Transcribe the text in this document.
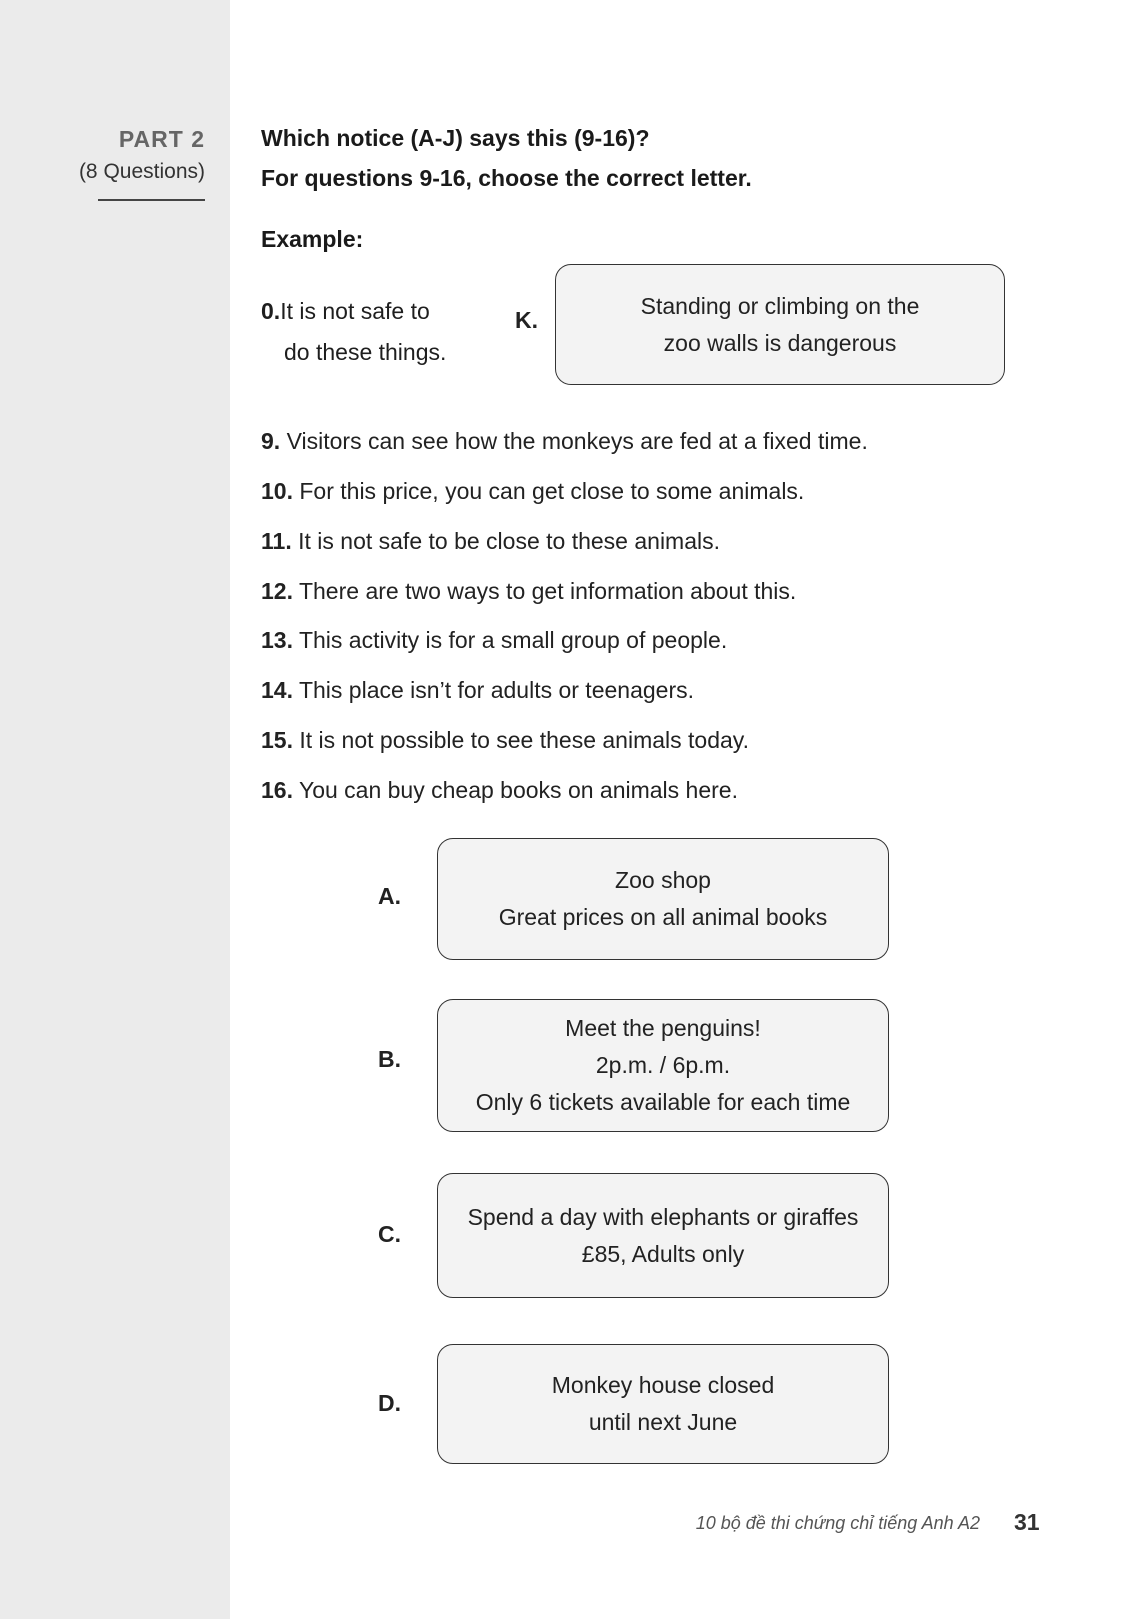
PART 2
(8 Questions)
Which notice (A-J) says this (9-16)?
For questions 9-16, choose the correct letter.
Example:
0.It is not safe to
do these things.
K.
Standing or climbing on the
zoo walls is dangerous
9. Visitors can see how the monkeys are fed at a fixed time.
10. For this price, you can get close to some animals.
11. It is not safe to be close to these animals.
12. There are two ways to get information about this.
13. This activity is for a small group of people.
14. This place isn’t for adults or teenagers.
15. It is not possible to see these animals today.
16. You can buy cheap books on animals here.
A.
Zoo shop
Great prices on all animal books
B.
Meet the penguins!
2p.m. / 6p.m.
Only 6 tickets available for each time
C.
Spend a day with elephants or giraffes
£85, Adults only
D.
Monkey house closed
until next June
10 bộ đề thi chứng chỉ tiếng Anh A2 31
